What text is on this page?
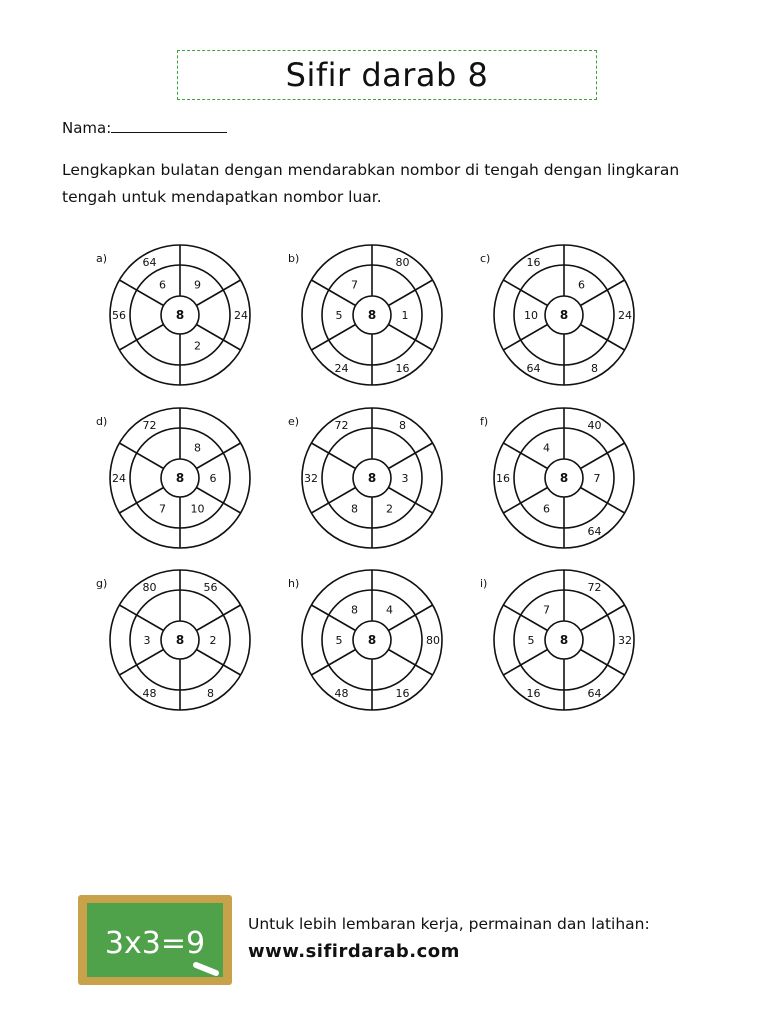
Sifir darab 8
Nama:
Lengkapkan bulatan dengan mendarabkan nombor di tengah dengan lingkaran tengah untuk mendapatkan nombor luar.
a)
8
9
24
2
56
6
64	b)
8
80
1
16
24
5
7
c)
8
6
24
8
64
10
16
d)
8
8
6
10
7
24
72	e)
8
8
3
2
8
32
72	f)
8
40
7
64
6
16
4
g)
8
56
2
8
48
3
80	h)
8
4
80
16
48
5
8
i)
8
72
32
64
16
5
7
3x3=9
Untuk lebih lembaran kerja, permainan dan latihan:
www.sifirdarab.com
